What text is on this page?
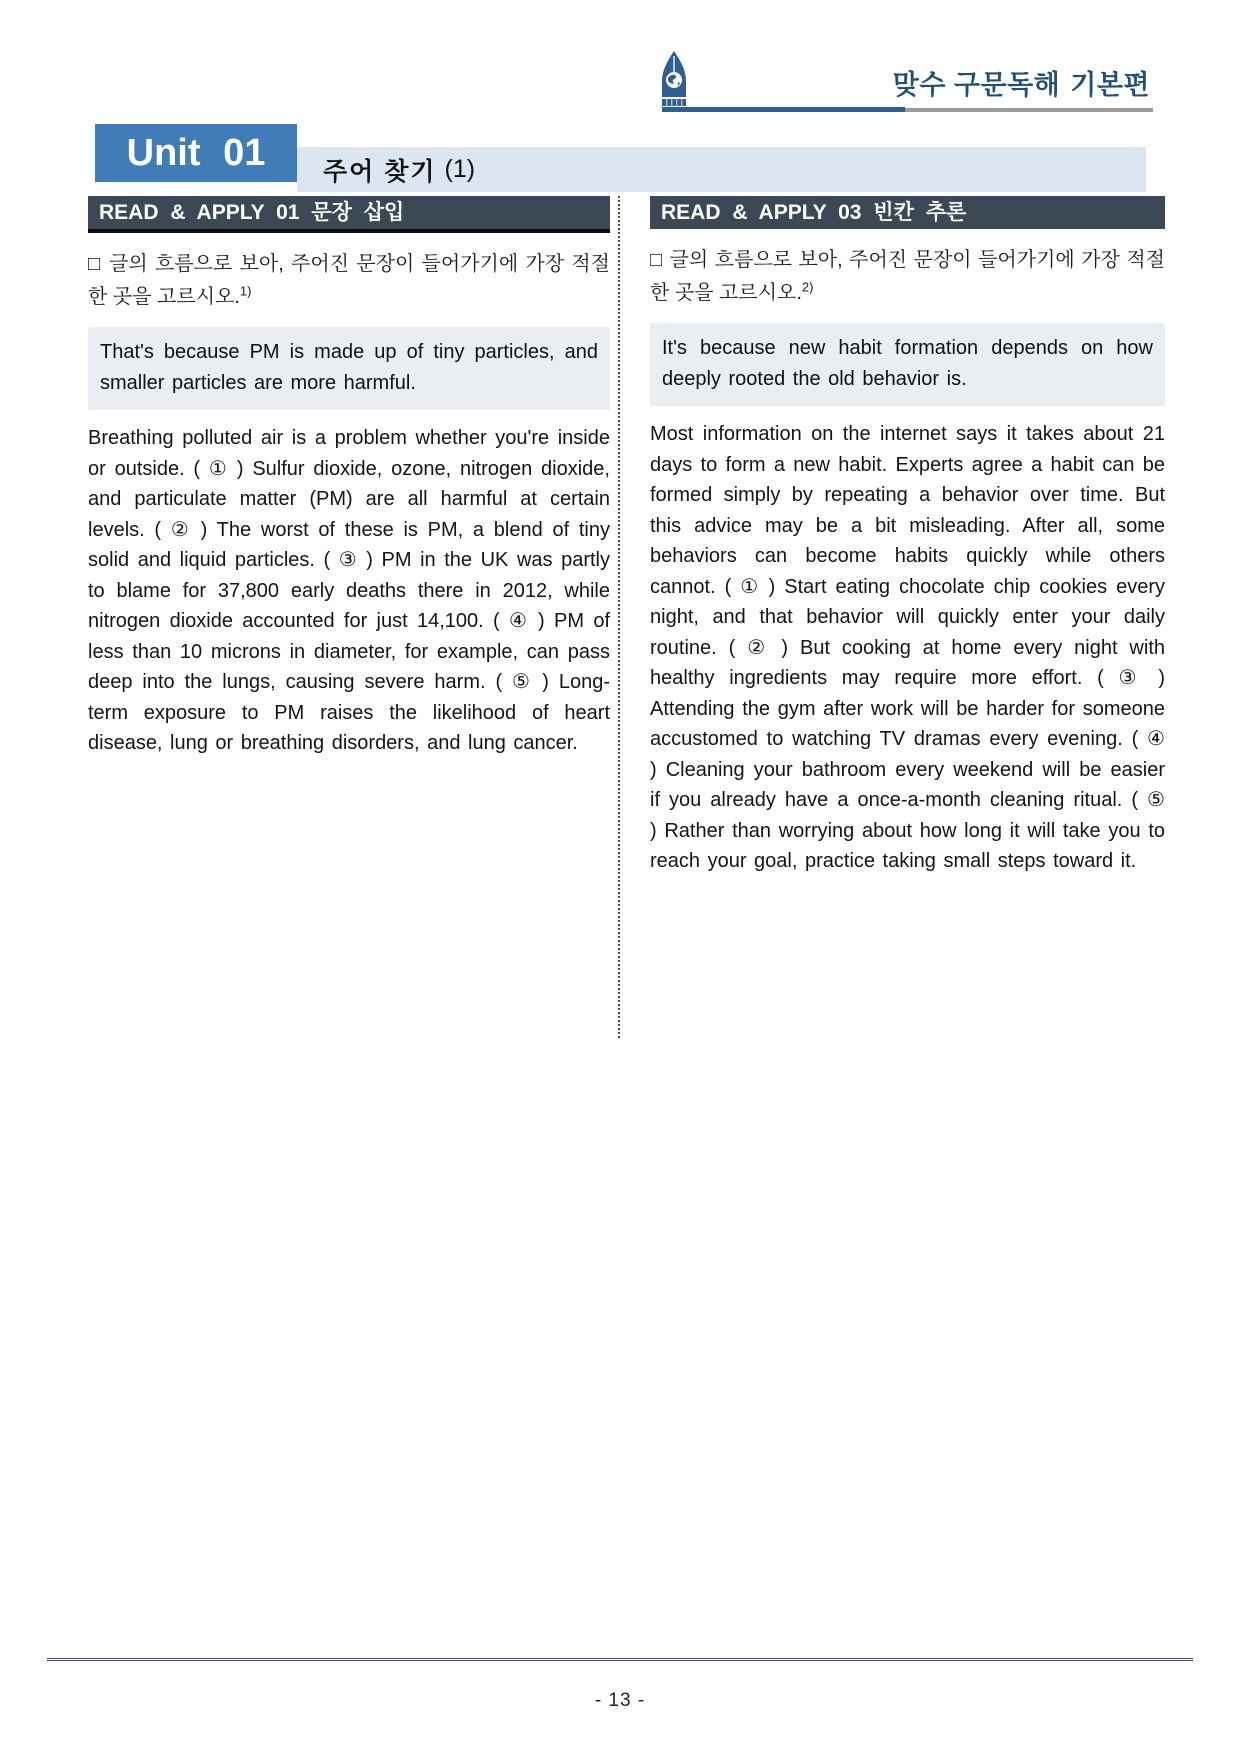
맞수 구문독해 기본편
Unit 01	주어 찾기 (1)
READ & APPLY 01 문장 삽입
□ 글의 흐름으로 보아, 주어진 문장이 들어가기에 가장 적절한 곳을 고르시오.$^{1)}$
That's because PM is made up of tiny particles, and smaller particles are more harmful.
Breathing polluted air is a problem whether you're inside or outside. ( ① ) Sulfur dioxide, ozone, nitrogen dioxide, and particulate matter (PM) are all harmful at certain levels. ( ② ) The worst of these is PM, a blend of tiny solid and liquid particles. ( ③ ) PM in the UK was partly to blame for 37,800 early deaths there in 2012, while nitrogen dioxide accounted for just 14,100. ( ④ ) PM of less than 10 microns in diameter, for example, can pass deep into the lungs, causing severe harm. ( ⑤ ) Long-term exposure to PM raises the likelihood of heart disease, lung or breathing disorders, and lung cancer.
READ & APPLY 03 빈칸 추론
□ 글의 흐름으로 보아, 주어진 문장이 들어가기에 가장 적절한 곳을 고르시오.$^{2)}$
It's because new habit formation depends on how deeply rooted the old behavior is.
Most information on the internet says it takes about 21 days to form a new habit. Experts agree a habit can be formed simply by repeating a behavior over time. But this advice may be a bit misleading. After all, some behaviors can become habits quickly while others cannot. ( ① ) Start eating chocolate chip cookies every night, and that behavior will quickly enter your daily routine. ( ② ) But cooking at home every night with healthy ingredients may require more effort. ( ③ ) Attending the gym after work will be harder for someone accustomed to watching TV dramas every evening. ( ④ ) Cleaning your bathroom every weekend will be easier if you already have a once-a-month cleaning ritual. ( ⑤ ) Rather than worrying about how long it will take you to reach your goal, practice taking small steps toward it.
- 13 -
